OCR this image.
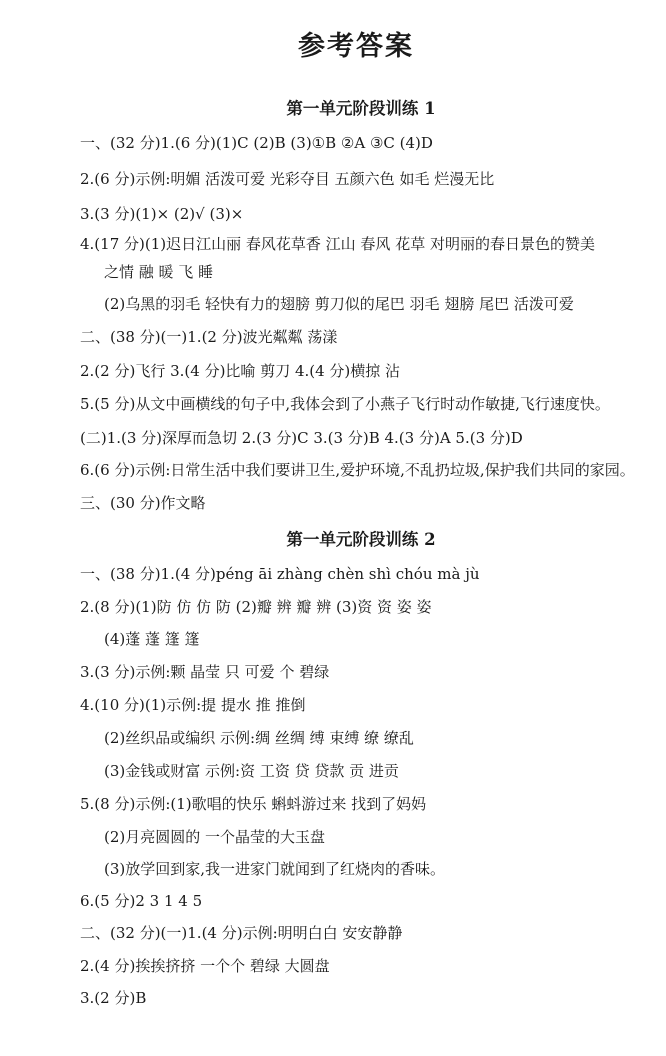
参考答案
第一单元阶段训练 1

一、(32 分)1.(6 分)(1)C (2)B (3)①B ②A ③C (4)D

2.(6 分)示例:明媚 活泼可爱 光彩夺目 五颜六色 如毛 烂漫无比

3.(3 分)(1)× (2)√ (3)×

4.(17 分)(1)迟日江山丽 春风花草香 江山 春风 花草 对明丽的春日景色的赞美

之情 融 暖 飞 睡

(2)乌黑的羽毛 轻快有力的翅膀 剪刀似的尾巴 羽毛 翅膀 尾巴 活泼可爱

二、(38 分)(一)1.(2 分)波光粼粼 荡漾

2.(2 分)飞行 3.(4 分)比喻 剪刀 4.(4 分)横掠 沾

5.(5 分)从文中画横线的句子中,我体会到了小燕子飞行时动作敏捷,飞行速度快。

(二)1.(3 分)深厚而急切 2.(3 分)C 3.(3 分)B 4.(3 分)A 5.(3 分)D

6.(6 分)示例:日常生活中我们要讲卫生,爱护环境,不乱扔垃圾,保护我们共同的家园。

三、(30 分)作文略

第一单元阶段训练 2

一、(38 分)1.(4 分)péng āi zhàng chèn shì chóu mà jù

2.(8 分)(1)防 仿 仿 防 (2)瓣 辨 瓣 辨 (3)资 资 姿 姿

(4)蓬 蓬 篷 篷

3.(3 分)示例:颗 晶莹 只 可爱 个 碧绿

4.(10 分)(1)示例:提 提水 推 推倒

(2)丝织品或编织 示例:绸 丝绸 缚 束缚 缭 缭乱

(3)金钱或财富 示例:资 工资 贷 贷款 贡 进贡

5.(8 分)示例:(1)歌唱的快乐 蝌蚪游过来 找到了妈妈

(2)月亮圆圆的 一个晶莹的大玉盘

(3)放学回到家,我一进家门就闻到了红烧肉的香味。

6.(5 分)2 3 1 4 5

二、(32 分)(一)1.(4 分)示例:明明白白 安安静静

2.(4 分)挨挨挤挤 一个个 碧绿 大圆盘

3.(2 分)B
